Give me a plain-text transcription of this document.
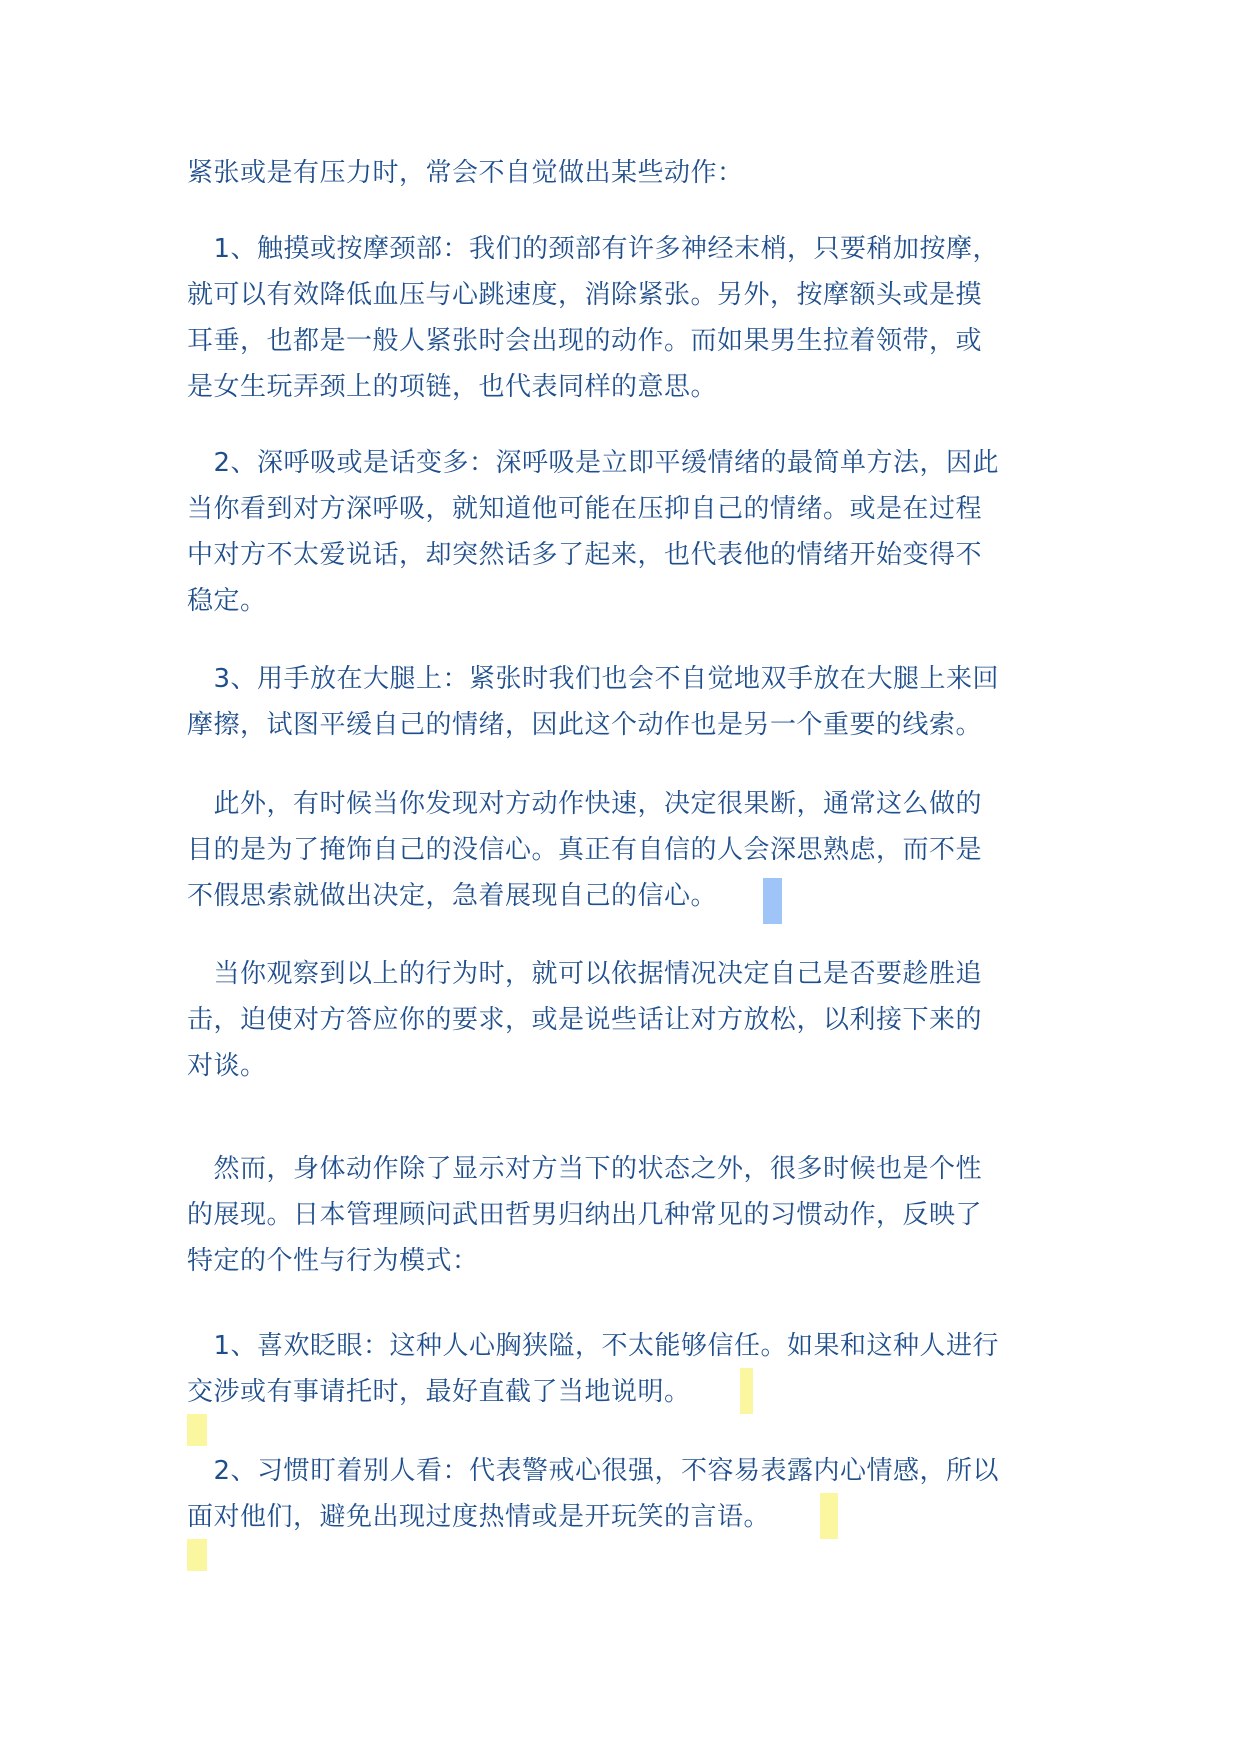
紧张或是有压力时，常会不自觉做出某些动作：
　1、触摸或按摩颈部：我们的颈部有许多神经末梢，只要稍加按摩，
就可以有效降低血压与心跳速度，消除紧张。另外，按摩额头或是摸
耳垂，也都是一般人紧张时会出现的动作。而如果男生拉着领带，或
是女生玩弄颈上的项链，也代表同样的意思。
　2、深呼吸或是话变多：深呼吸是立即平缓情绪的最简单方法，因此
当你看到对方深呼吸，就知道他可能在压抑自己的情绪。或是在过程
中对方不太爱说话，却突然话多了起来，也代表他的情绪开始变得不
稳定。
　3、用手放在大腿上：紧张时我们也会不自觉地双手放在大腿上来回
摩擦，试图平缓自己的情绪，因此这个动作也是另一个重要的线索。
　此外，有时候当你发现对方动作快速，决定很果断，通常这么做的
目的是为了掩饰自己的没信心。真正有自信的人会深思熟虑，而不是
不假思索就做出决定，急着展现自己的信心。
　当你观察到以上的行为时，就可以依据情况决定自己是否要趁胜追
击，迫使对方答应你的要求，或是说些话让对方放松，以利接下来的
对谈。
　然而，身体动作除了显示对方当下的状态之外，很多时候也是个性
的展现。日本管理顾问武田哲男归纳出几种常见的习惯动作，反映了
特定的个性与行为模式：
　1、喜欢眨眼：这种人心胸狭隘，不太能够信任。如果和这种人进行
交涉或有事请托时，最好直截了当地说明。
　2、习惯盯着别人看：代表警戒心很强，不容易表露内心情感，所以
面对他们，避免出现过度热情或是开玩笑的言语。
